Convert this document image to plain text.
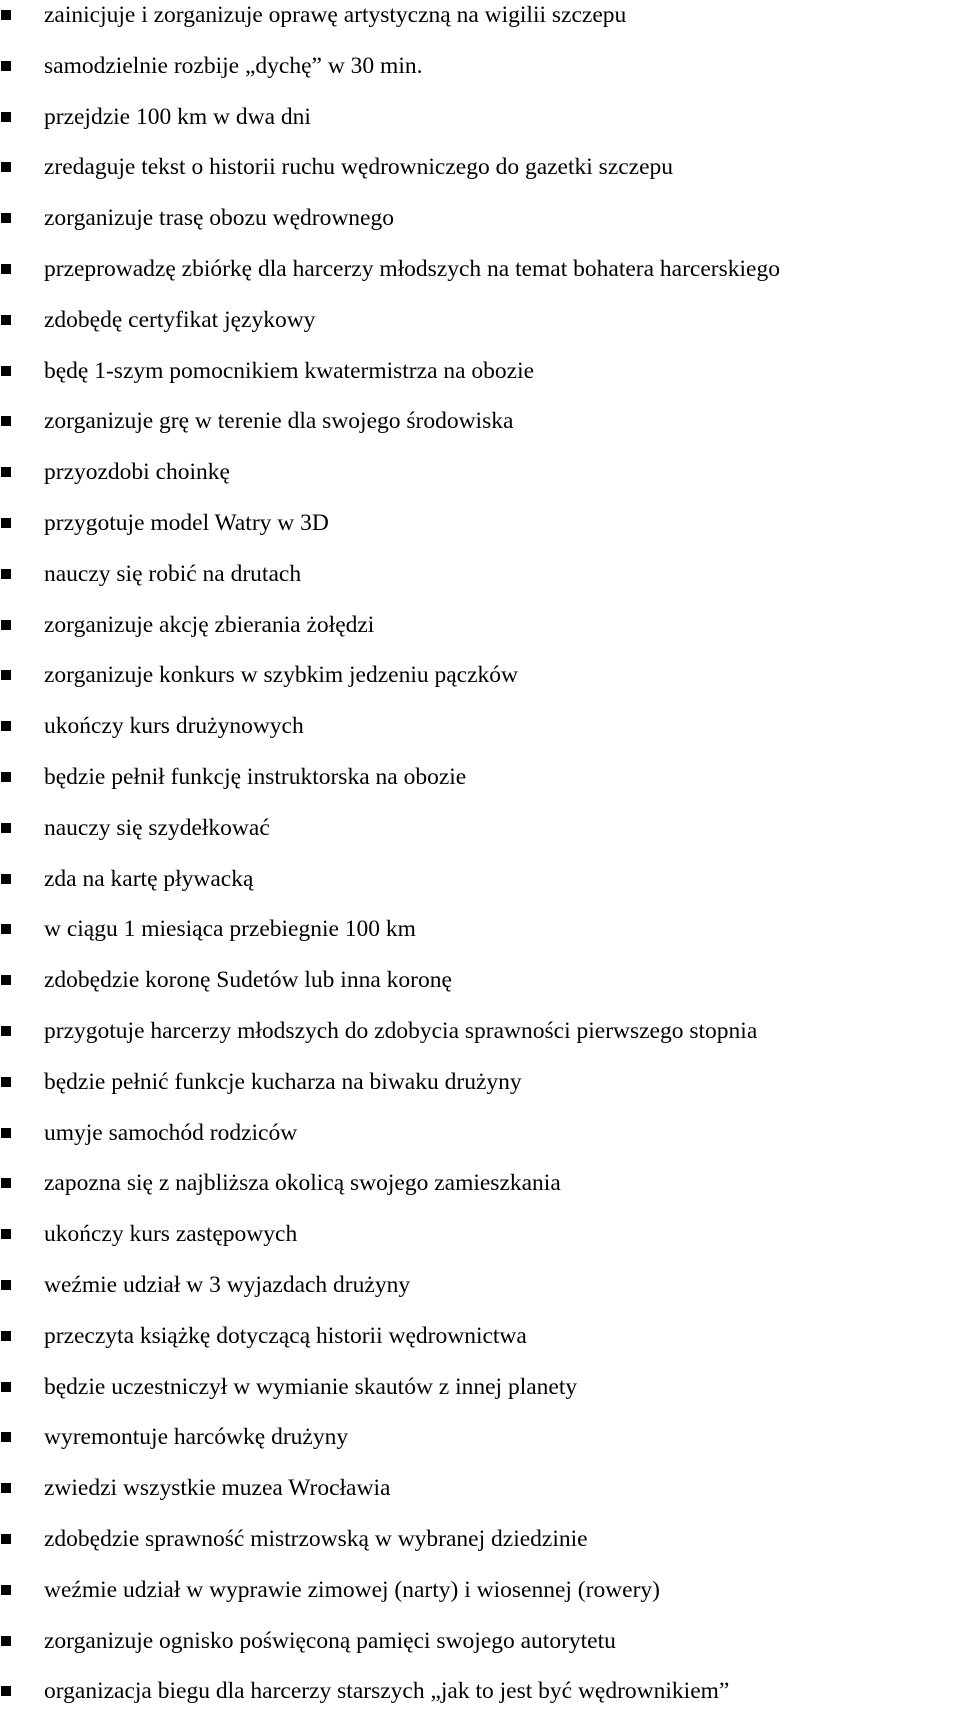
zainicjuje i zorganizuje oprawę artystyczną na wigilii szczepu
samodzielnie rozbije „dychę” w 30 min.
przejdzie 100 km w dwa dni
zredaguje tekst o historii ruchu wędrowniczego do gazetki szczepu
zorganizuje trasę obozu wędrownego
przeprowadzę zbiórkę dla harcerzy młodszych na temat bohatera harcerskiego
zdobędę certyfikat językowy
będę 1-szym pomocnikiem kwatermistrza na obozie
zorganizuje grę w terenie dla swojego środowiska
przyozdobi choinkę
przygotuje model Watry w 3D
nauczy się robić na drutach
zorganizuje akcję zbierania żołędzi
zorganizuje konkurs w szybkim jedzeniu pączków
ukończy kurs drużynowych
będzie pełnił funkcję instruktorska na obozie
nauczy się szydełkować
zda na kartę pływacką
w ciągu 1 miesiąca przebiegnie 100 km
zdobędzie koronę Sudetów lub inna koronę
przygotuje harcerzy młodszych do zdobycia sprawności pierwszego stopnia
będzie pełnić funkcje kucharza na biwaku drużyny
umyje samochód rodziców
zapozna się z najbliższa okolicą swojego zamieszkania
ukończy kurs zastępowych
weźmie udział w 3 wyjazdach drużyny
przeczyta książkę dotyczącą historii wędrownictwa
będzie uczestniczył w wymianie skautów z innej planety
wyremontuje harcówkę drużyny
zwiedzi wszystkie muzea Wrocławia
zdobędzie sprawność mistrzowską w wybranej dziedzinie
weźmie udział w wyprawie zimowej (narty) i wiosennej (rowery)
zorganizuje ognisko poświęconą pamięci swojego autorytetu
organizacja biegu dla harcerzy starszych „jak to jest być wędrownikiem”
